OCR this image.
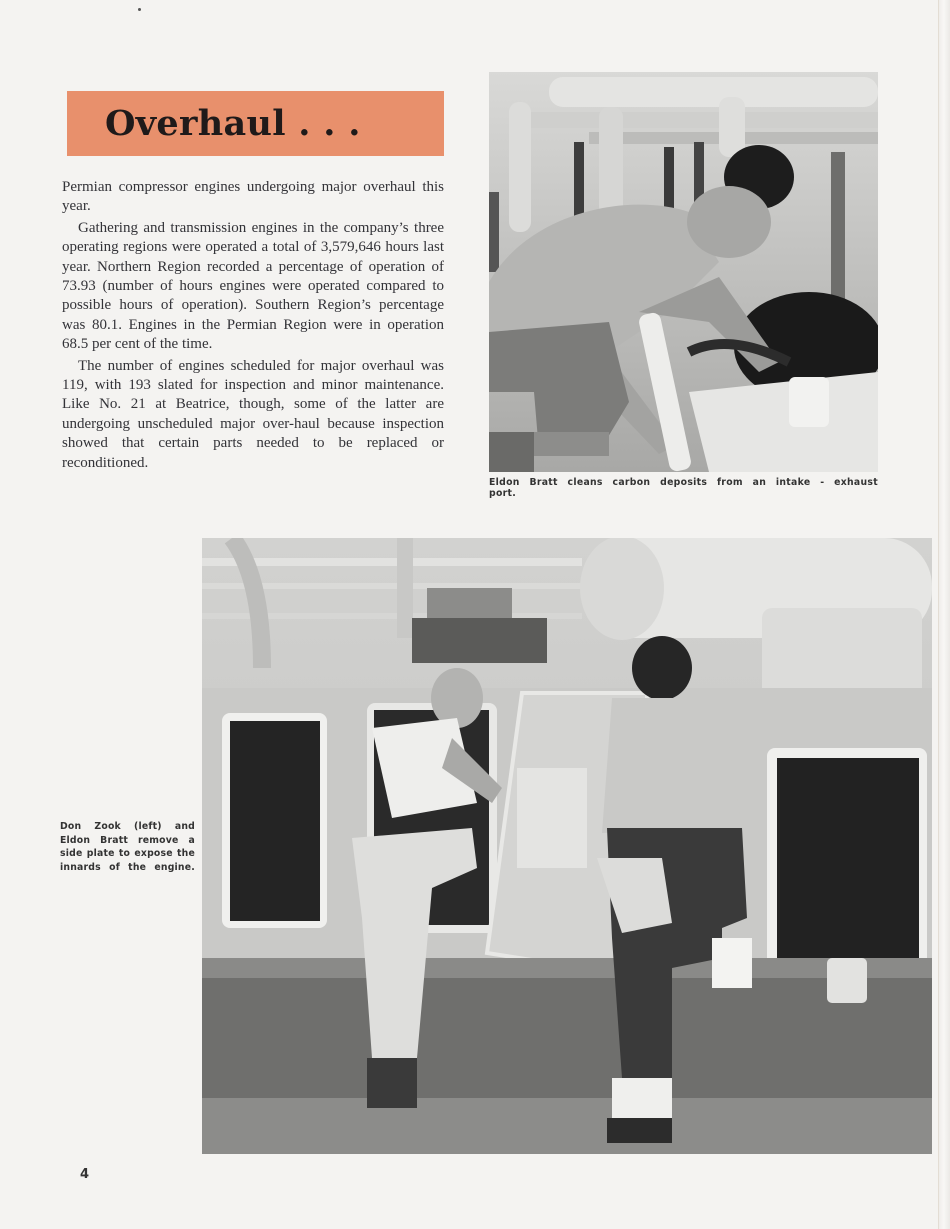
Overhaul . . .

Permian compressor engines undergoing major overhaul this year.

Gathering and transmission engines in the company’s three operating regions were operated a total of 3,579,646 hours last year. Northern Region recorded a percentage of operation of 73.93 (number of hours engines were operated compared to possible hours of operation). Southern Region’s percentage was 80.1. Engines in the Permian Region were in operation 68.5 per cent of the time.

The number of engines scheduled for major overhaul was 119, with 193 slated for inspection and minor maintenance. Like No. 21 at Beatrice, though, some of the latter are undergoing unscheduled major over-haul because inspection showed that certain parts needed to be replaced or reconditioned.

Eldon Bratt cleans carbon deposits from an intake - exhaust port.
Don Zook (left) and Eldon Bratt remove a side plate to expose the innards of the engine.
4
